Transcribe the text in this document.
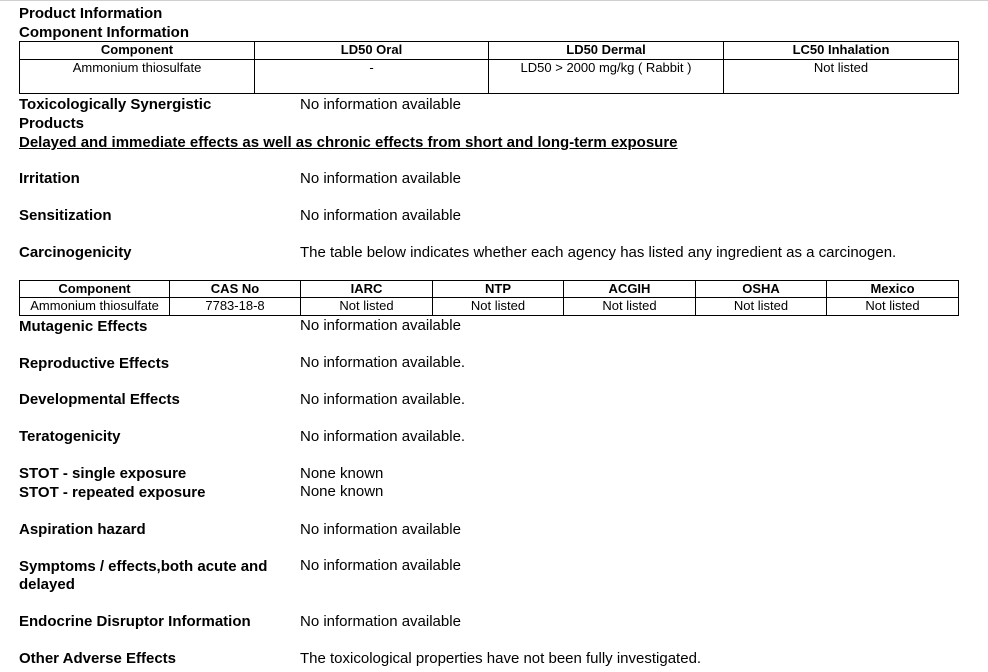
Product Information
Component Information
Component	LD50 Oral	LD50 Dermal	LC50 Inhalation
Ammonium thiosulfate	-	LD50 > 2000 mg/kg ( Rabbit )	Not listed
Toxicologically Synergistic
Products
No information available
Delayed and immediate effects as well as chronic effects from short and long-term exposure
Irritation	No information available
Sensitization	No information available
Carcinogenicity	The table below indicates whether each agency has listed any ingredient as a carcinogen.
Component	CAS No	IARC	NTP	ACGIH	OSHA	Mexico
Ammonium thiosulfate	7783-18-8	Not listed	Not listed	Not listed	Not listed	Not listed
Mutagenic Effects	No information available
Reproductive Effects	No information available.
Developmental Effects	No information available.
Teratogenicity	No information available.
STOT - single exposure	None known
STOT - repeated exposure	None known
Aspiration hazard	No information available
Symptoms / effects,both acute and
delayed
No information available
Endocrine Disruptor Information	No information available
Other Adverse Effects	The toxicological properties have not been fully investigated.
